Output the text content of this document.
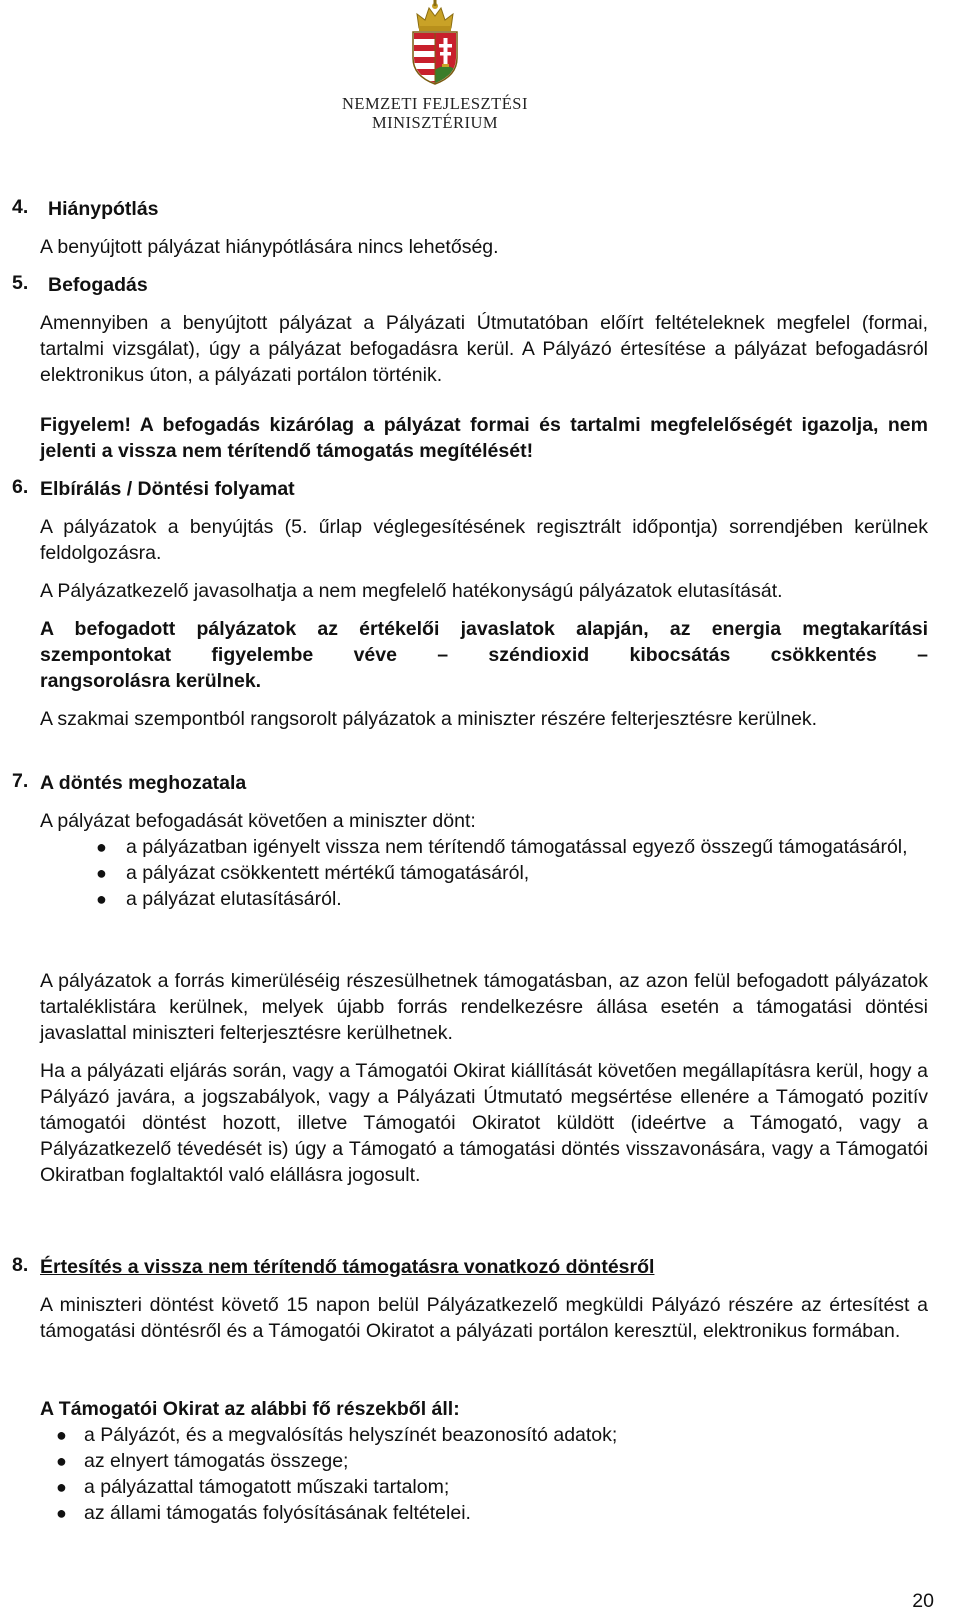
NEMZETI FEJLESZTÉSI
MINISZTÉRIUM
4. Hiánypótlás
A benyújtott pályázat hiánypótlására nincs lehetőség.
5. Befogadás
Amennyiben a benyújtott pályázat a Pályázati Útmutatóban előírt feltételeknek megfelel (formai, tartalmi vizsgálat), úgy a pályázat befogadásra kerül. A Pályázó értesítése a pályázat befogadásról elektronikus úton, a pályázati portálon történik.
Figyelem! A befogadás kizárólag a pályázat formai és tartalmi megfelelőségét igazolja, nem jelenti a vissza nem térítendő támogatás megítélését!
6. Elbírálás / Döntési folyamat
A pályázatok a benyújtás (5. űrlap véglegesítésének regisztrált időpontja) sorrendjében kerülnek feldolgozásra.
A Pályázatkezelő javasolhatja a nem megfelelő hatékonyságú pályázatok elutasítását.
A befogadott pályázatok az értékelői javaslatok alapján, az energia megtakarítási
szempontokat figyelembe véve – széndioxid kibocsátás csökkentés –
rangsorolásra kerülnek.
A szakmai szempontból rangsorolt pályázatok a miniszter részére felterjesztésre kerülnek.
7. A döntés meghozatala
A pályázat befogadását követően a miniszter dönt:
● a pályázatban igényelt vissza nem térítendő támogatással egyező összegű támogatásáról,
● a pályázat csökkentett mértékű támogatásáról,
● a pályázat elutasításáról.
A pályázatok a forrás kimerüléséig részesülhetnek támogatásban, az azon felül befogadott pályázatok tartaléklistára kerülnek, melyek újabb forrás rendelkezésre állása esetén a támogatási döntési javaslattal miniszteri felterjesztésre kerülhetnek.
Ha a pályázati eljárás során, vagy a Támogatói Okirat kiállítását követően megállapításra kerül, hogy a Pályázó javára, a jogszabályok, vagy a Pályázati Útmutató megsértése ellenére a Támogató pozitív támogatói döntést hozott, illetve Támogatói Okiratot küldött (ideértve a Támogató, vagy a Pályázatkezelő tévedését is) úgy a Támogató a támogatási döntés visszavonására, vagy a Támogatói Okiratban foglaltaktól való elállásra jogosult.
8. Értesítés a vissza nem térítendő támogatásra vonatkozó döntésről
A miniszteri döntést követő 15 napon belül Pályázatkezelő megküldi Pályázó részére az értesítést a támogatási döntésről és a Támogatói Okiratot a pályázati portálon keresztül, elektronikus formában.
A Támogatói Okirat az alábbi fő részekből áll:
● a Pályázót, és a megvalósítás helyszínét beazonosító adatok;
● az elnyert támogatás összege;
● a pályázattal támogatott műszaki tartalom;
● az állami támogatás folyósításának feltételei.
20
